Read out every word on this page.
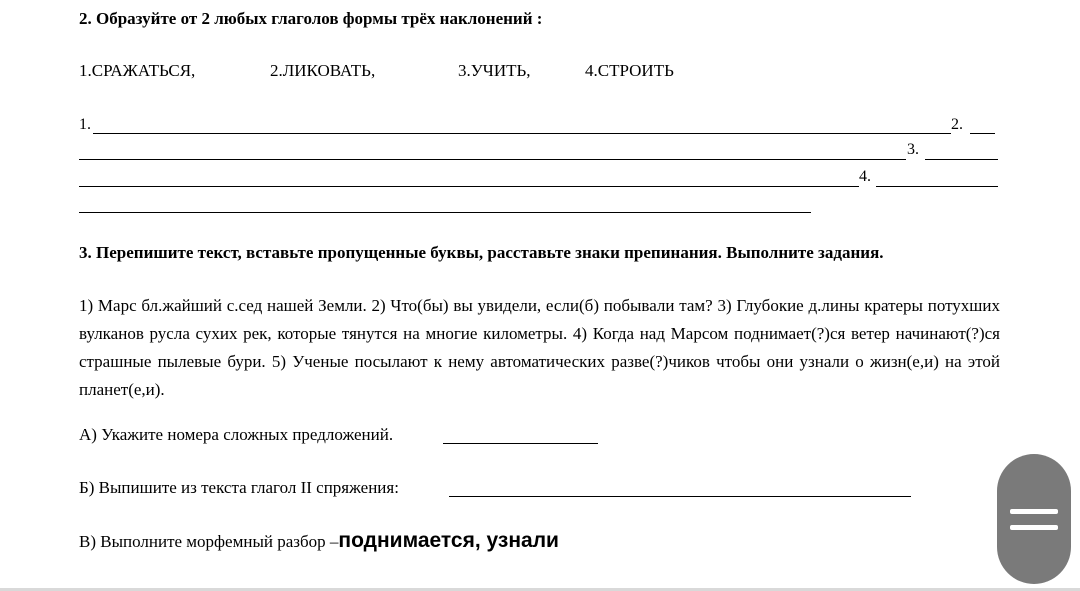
2. Образуйте от 2 любых глаголов формы трёх наклонений :
1.СРАЖАТЬСЯ,	2.ЛИКОВАТЬ,	3.УЧИТЬ,	4.СТРОИТЬ
1.	2.
3.
4.
3. Перепишите текст, вставьте пропущенные буквы, расставьте знаки препинания. Выполните задания.
1) Марс бл.жайший с.сед нашей Земли. 2) Что(бы) вы увидели, если(б) побывали там? 3) Глубокие д.лины кратеры потухших вулканов русла сухих рек, которые тянутся на многие километры. 4) Когда над Марсом поднимает(?)ся ветер начинают(?)ся страшные пылевые бури. 5) Ученые посылают к нему автоматических разве(?)чиков чтобы они узнали о жизн(е,и) на этой планет(е,и).
А) Укажите номера сложных предложений.
Б) Выпишите из текста глагол II спряжения:
В) Выполните морфемный разбор –поднимается, узнали
